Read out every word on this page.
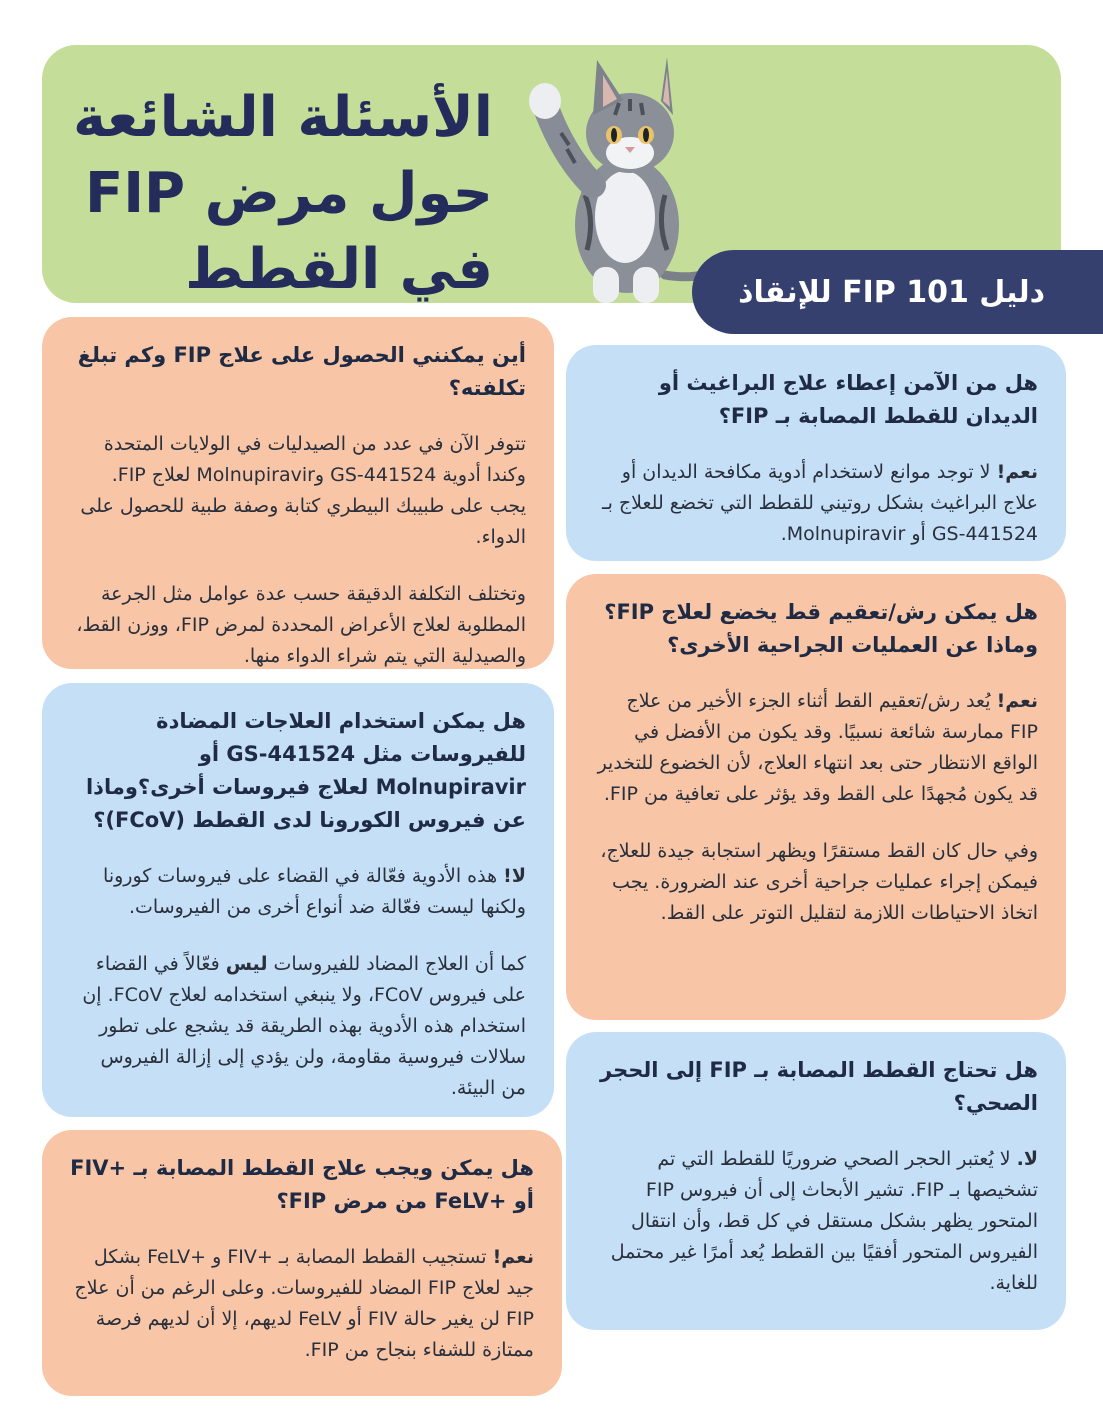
الأسئلة الشائعة
حول مرض FIP
في القطط	دليل FIP 101 للإنقاذ
أين يمكنني الحصول على علاج FIP وكم تبلغ تكلفته؟

تتوفر الآن في عدد من الصيدليات في الولايات المتحدة وكندا أدوية GS-441524 وMolnupiravir لعلاج FIP. يجب على طبيبك البيطري كتابة وصفة طبية للحصول على الدواء.

وتختلف التكلفة الدقيقة حسب عدة عوامل مثل الجرعة المطلوبة لعلاج الأعراض المحددة لمرض FIP، ووزن القط، والصيدلية التي يتم شراء الدواء منها.

هل يمكن استخدام العلاجات المضادة للفيروسات مثل GS-441524 أو Molnupiravir لعلاج فيروسات أخرى؟وماذا عن فيروس الكورونا لدى القطط (FCoV)؟

لا! هذه الأدوية فعّالة في القضاء على فيروسات كورونا ولكنها ليست فعّالة ضد أنواع أخرى من الفيروسات.

كما أن العلاج المضاد للفيروسات ليس فعّالاً في القضاء على فيروس FCoV، ولا ينبغي استخدامه لعلاج FCoV. إن استخدام هذه الأدوية بهذه الطريقة قد يشجع على تطور سلالات فيروسية مقاومة، ولن يؤدي إلى إزالة الفيروس من البيئة.

هل يمكن ويجب علاج القطط المصابة بـ +FIV أو +FeLV من مرض FIP؟

نعم! تستجيب القطط المصابة بـ +FIV و +FeLV بشكل جيد لعلاج FIP المضاد للفيروسات. وعلى الرغم من أن علاج FIP لن يغير حالة FIV أو FeLV لديهم، إلا أن لديهم فرصة ممتازة للشفاء بنجاح من FIP.

هل من الآمن إعطاء علاج البراغيث أو الديدان للقطط المصابة بـ FIP؟

نعم! لا توجد موانع لاستخدام أدوية مكافحة الديدان أو علاج البراغيث بشكل روتيني للقطط التي تخضع للعلاج بـ GS-441524 أو Molnupiravir.

هل يمكن رش/تعقيم قط يخضع لعلاج FIP؟ وماذا عن العمليات الجراحية الأخرى؟

نعم! يُعد رش/تعقيم القط أثناء الجزء الأخير من علاج FIP ممارسة شائعة نسبيًا. وقد يكون من الأفضل في الواقع الانتظار حتى بعد انتهاء العلاج، لأن الخضوع للتخدير قد يكون مُجهدًا على القط وقد يؤثر على تعافية من FIP.

وفي حال كان القط مستقرًا ويظهر استجابة جيدة للعلاج، فيمكن إجراء عمليات جراحية أخرى عند الضرورة. يجب اتخاذ الاحتياطات اللازمة لتقليل التوتر على القط.

هل تحتاج القطط المصابة بـ FIP إلى الحجر الصحي؟

لا. لا يُعتبر الحجر الصحي ضروريًا للقطط التي تم تشخيصها بـ FIP. تشير الأبحاث إلى أن فيروس FIP المتحور يظهر بشكل مستقل في كل قط، وأن انتقال الفيروس المتحور أفقيًا بين القطط يُعد أمرًا غير محتمل للغاية.
